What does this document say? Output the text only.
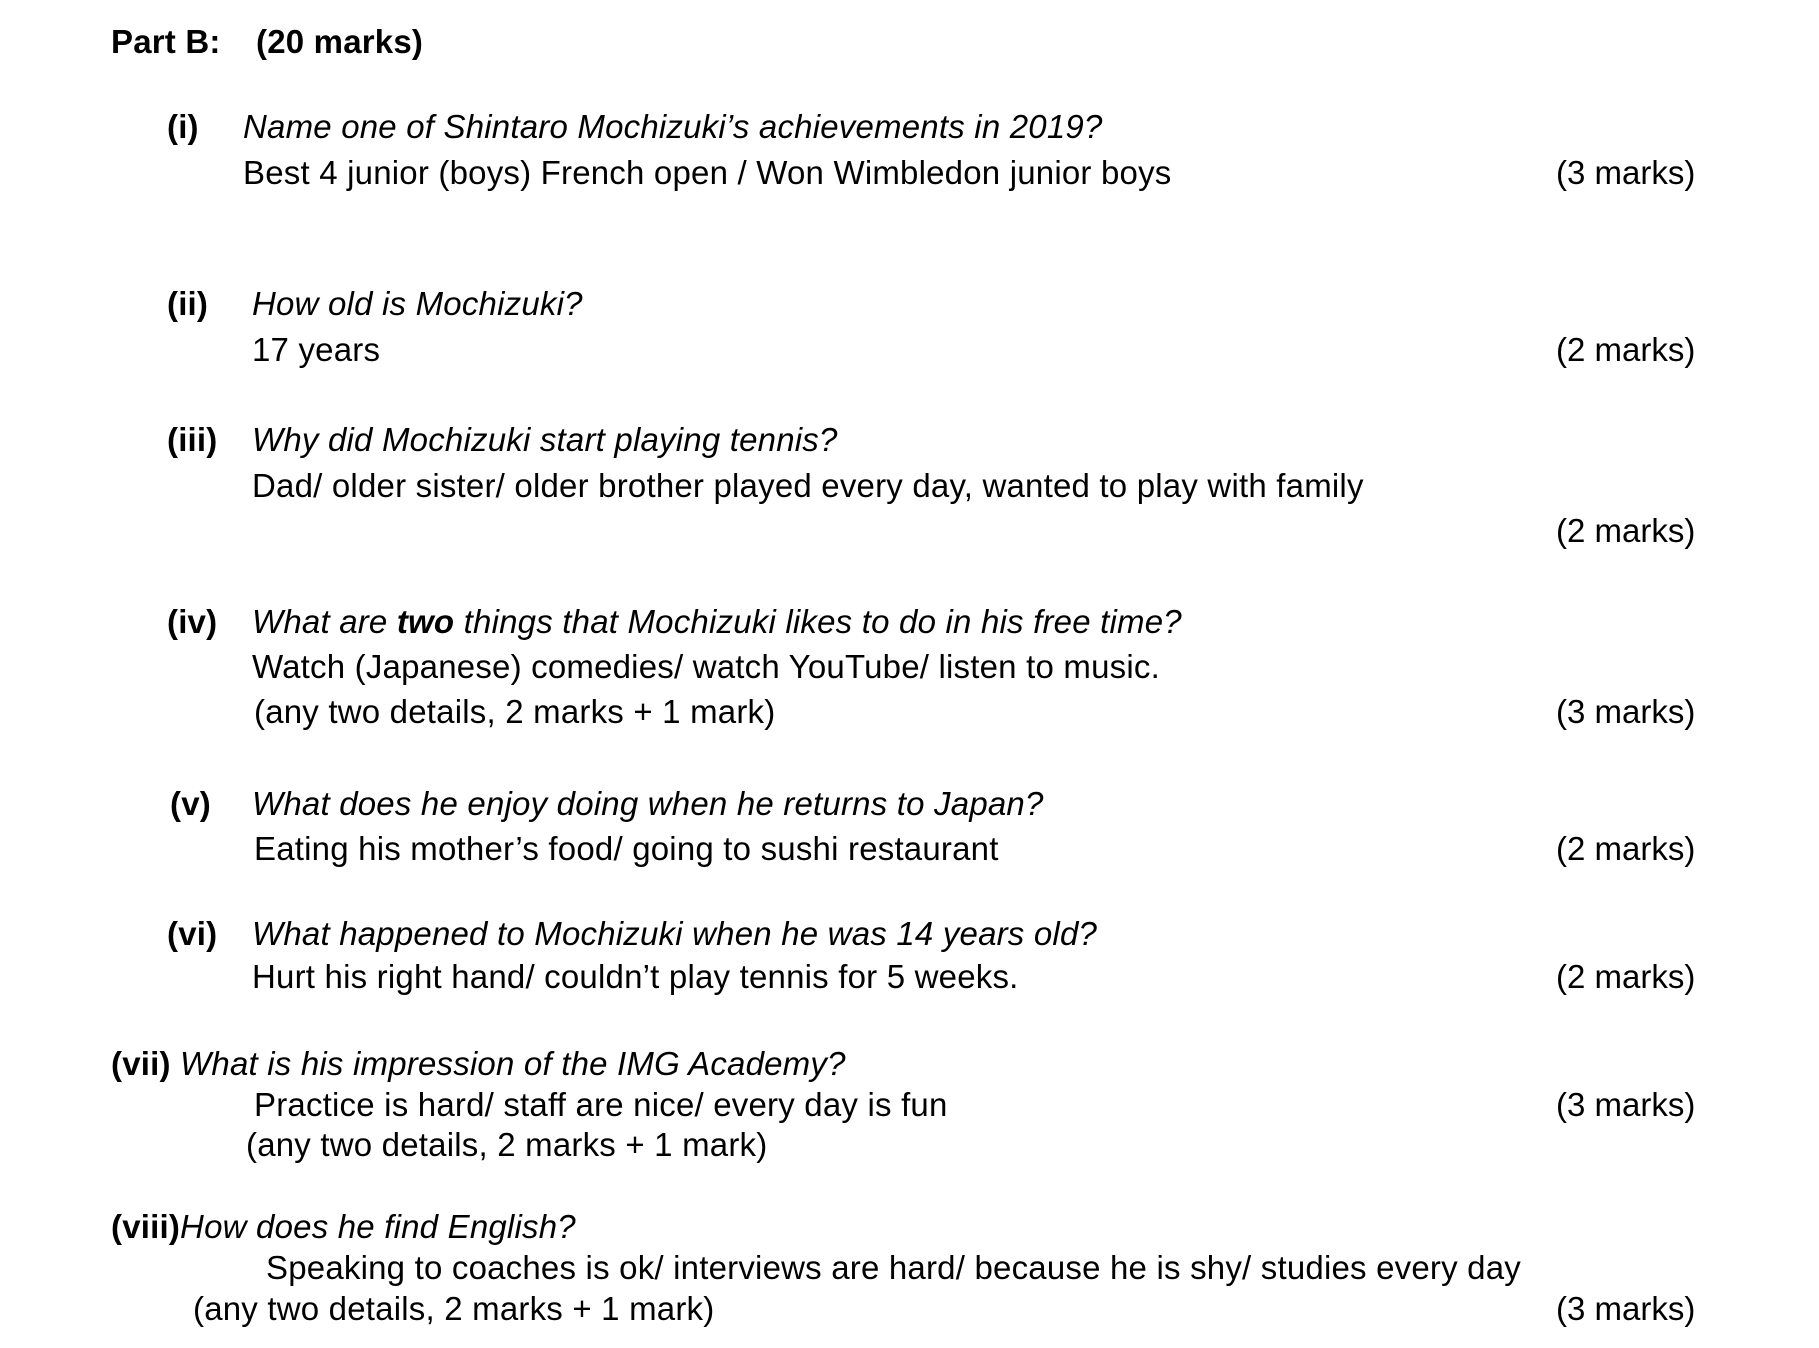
Part B: (20 marks)
(i) Name one of Shintaro Mochizuki’s achievements in 2019?
Best 4 junior (boys) French open / Won Wimbledon junior boys	(3 marks)
(ii) How old is Mochizuki?
17 years	(2 marks)
(iii) Why did Mochizuki start playing tennis?
Dad/ older sister/ older brother played every day, wanted to play with family
(2 marks)
(iv) What are two things that Mochizuki likes to do in his free time?
Watch (Japanese) comedies/ watch YouTube/ listen to music.
(any two details, 2 marks + 1 mark)	(3 marks)
(v) What does he enjoy doing when he returns to Japan?
Eating his mother’s food/ going to sushi restaurant	(2 marks)
(vi) What happened to Mochizuki when he was 14 years old?
Hurt his right hand/ couldn’t play tennis for 5 weeks.	(2 marks)
(vii) What is his impression of the IMG Academy?
Practice is hard/ staff are nice/ every day is fun	(3 marks)
(any two details, 2 marks + 1 mark)
(viii)How does he find English?
Speaking to coaches is ok/ interviews are hard/ because he is shy/ studies every day
(any two details, 2 marks + 1 mark)	(3 marks)
